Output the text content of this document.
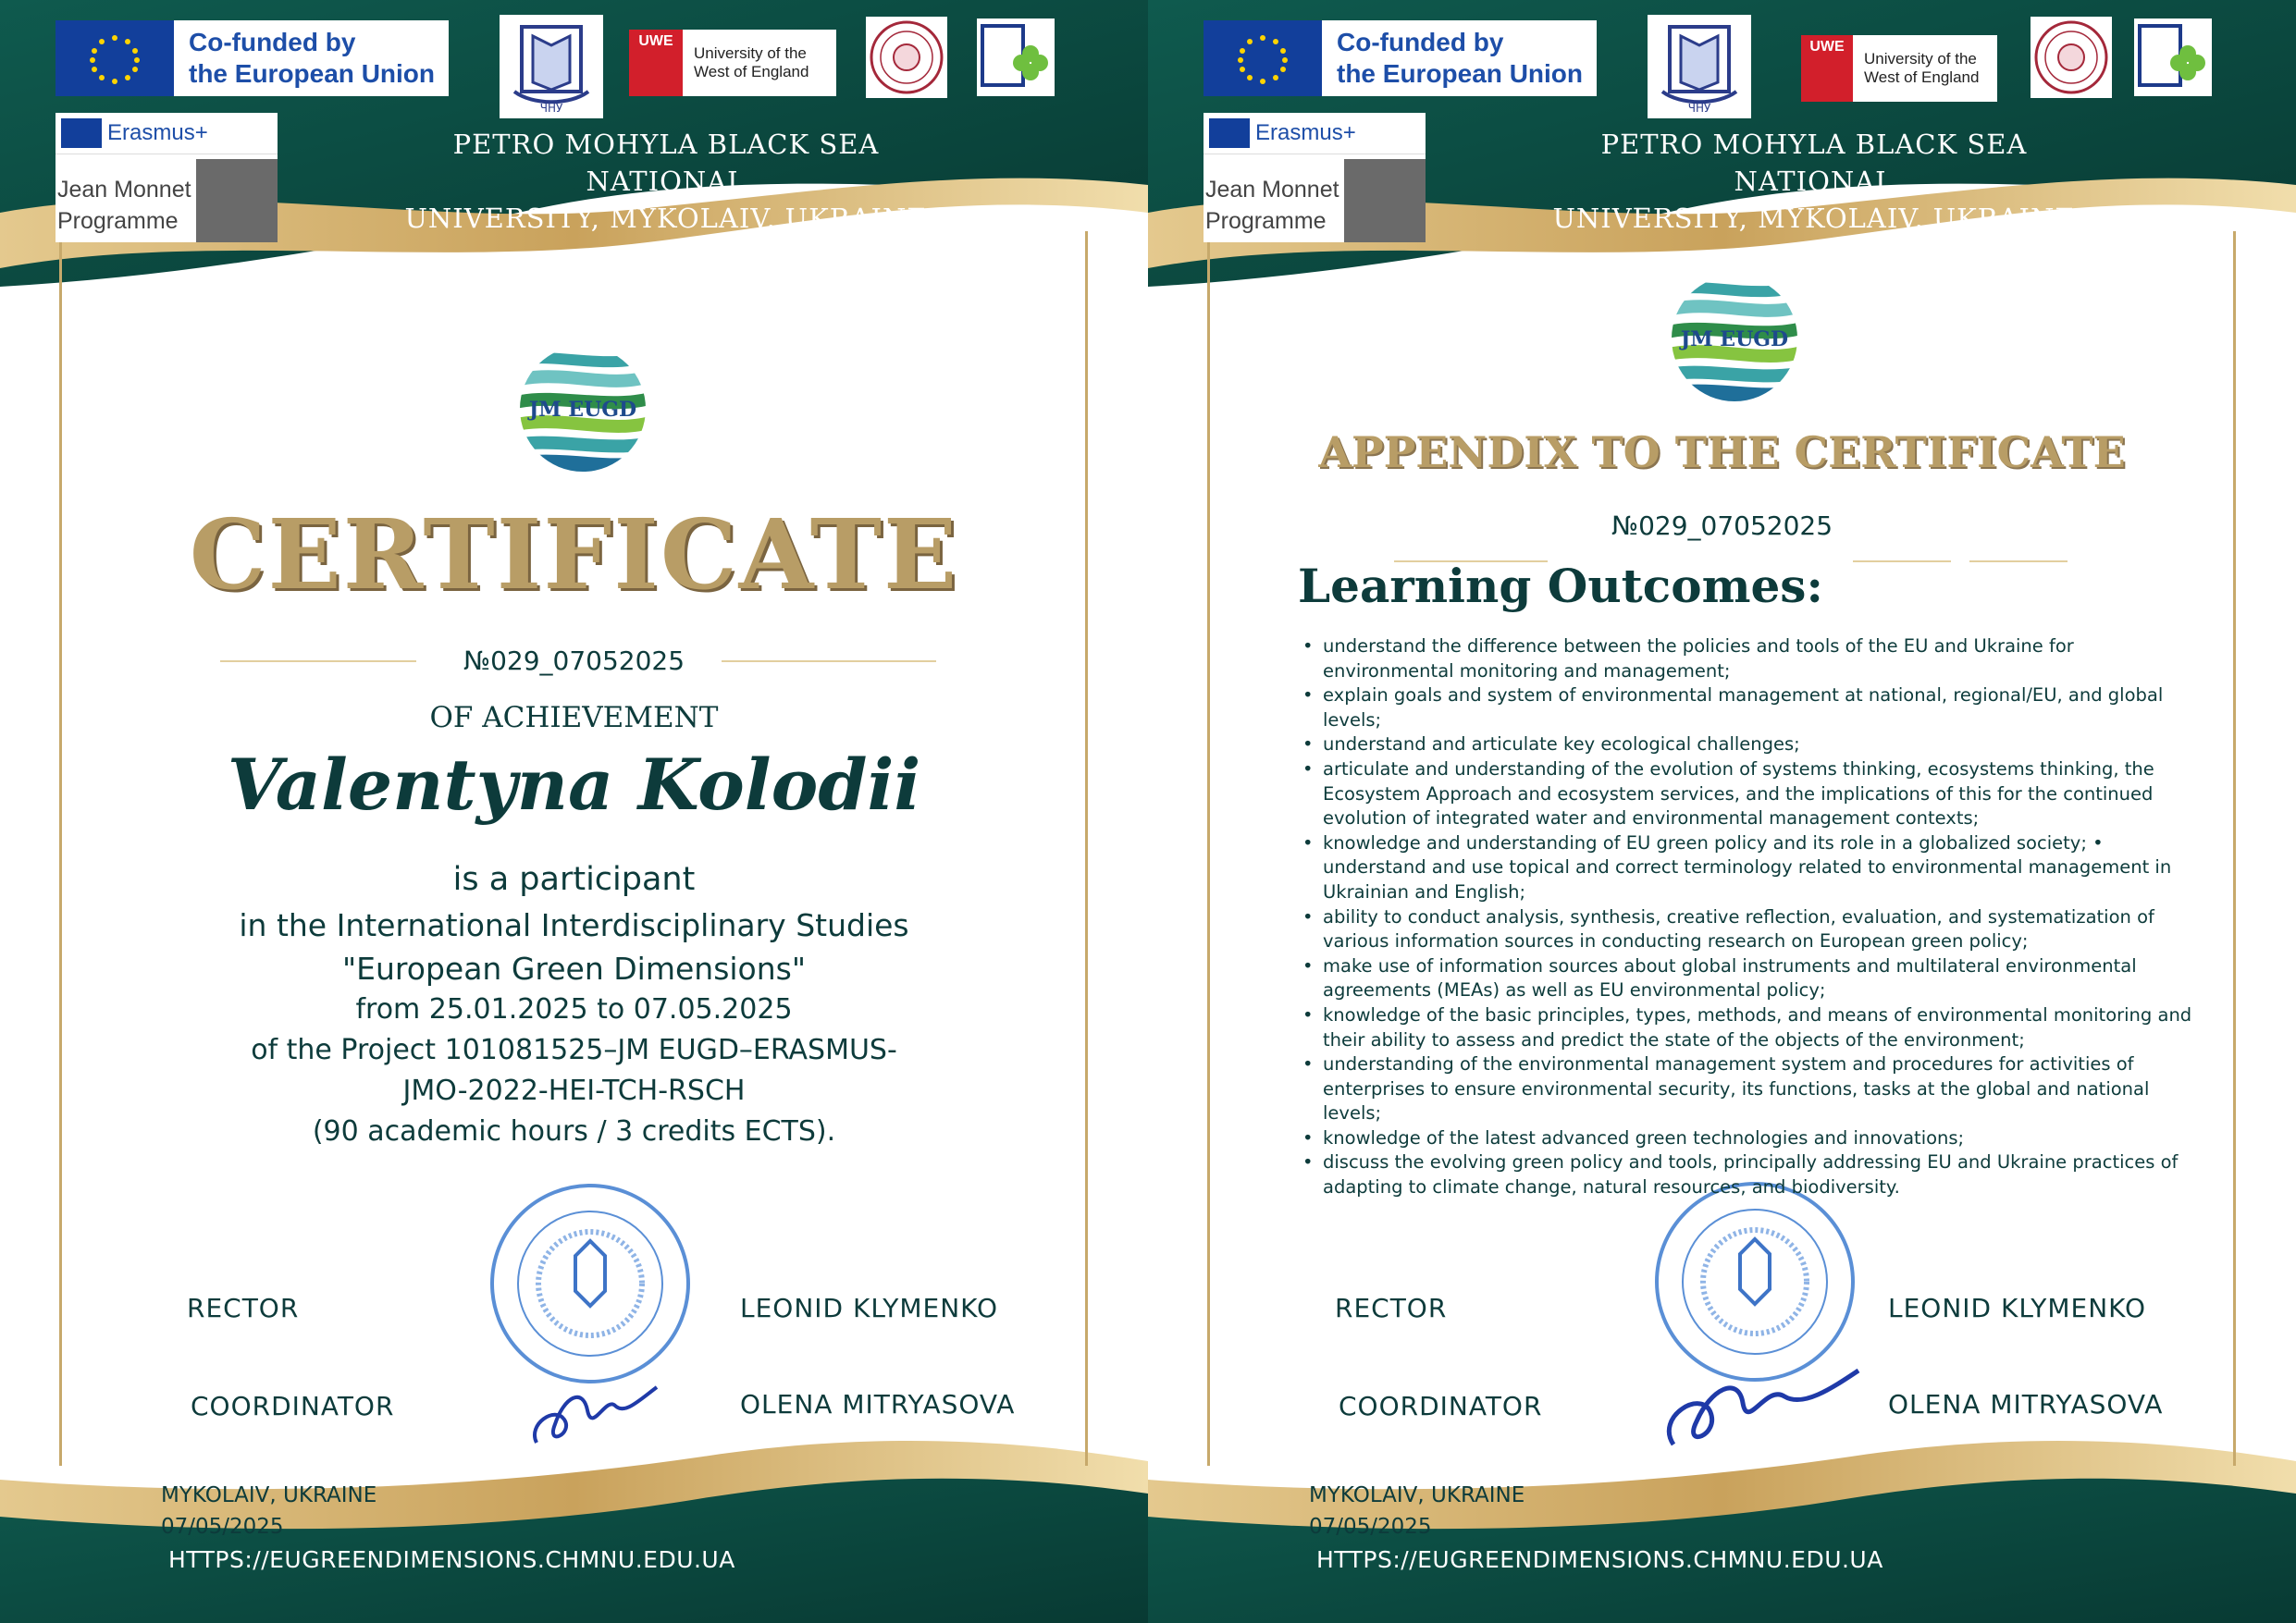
Co-funded by
the European Union
ЧНУ
UWE
University of the
West of England
Erasmus+
Jean Monnet
Programme
PETRO MOHYLA BLACK SEA NATIONAL
UNIVERSITY, MYKOLAIV, UKRAINE
JM EUGD
CERTIFICATE
№029_07052025
OF ACHIEVEMENT
Valentyna Kolodii
is a participant
in the International Interdisciplinary Studies
"European Green Dimensions"
from 25.01.2025 to 07.05.2025
of the Project 101081525–JM EUGD–ERASMUS-
JMO-2022-HEI-TCH-RSCH
(90 academic hours / 3 credits ECTS).
RECTOR	LEONID KLYMENKO
COORDINATOR	OLENA MITRYASOVA
MYKOLAIV, UKRAINE
07/05/2025
HTTPS://EUGREENDIMENSIONS.CHMNU.EDU.UA
Co-funded by
the European Union
ЧНУ
UWE
University of the
West of England
Erasmus+
Jean Monnet
Programme
PETRO MOHYLA BLACK SEA NATIONAL
UNIVERSITY, MYKOLAIV, UKRAINE
JM EUGD
APPENDIX TO THE CERTIFICATE
№029_07052025
Learning Outcomes:
RECTOR	LEONID KLYMENKO
COORDINATOR	OLENA MITRYASOVA
MYKOLAIV, UKRAINE
07/05/2025
HTTPS://EUGREENDIMENSIONS.CHMNU.EDU.UA
• understand the difference between the policies and tools of the EU and Ukraine for environmental monitoring and management;
• explain goals and system of environmental management at national, regional/EU, and global levels;
• understand and articulate key ecological challenges;
• articulate and understanding of the evolution of systems thinking, ecosystems thinking, the Ecosystem Approach and ecosystem services, and the implications of this for the continued evolution of integrated water and environmental management contexts;
• knowledge and understanding of EU green policy and its role in a globalized society; • understand and use topical and correct terminology related to environmental management in Ukrainian and English;
• ability to conduct analysis, synthesis, creative reflection, evaluation, and systematization of various information sources in conducting research on European green policy;
• make use of information sources about global instruments and multilateral environmental agreements (MEAs) as well as EU environmental policy;
• knowledge of the basic principles, types, methods, and means of environmental monitoring and their ability to assess and predict the state of the objects of the environment;
• understanding of the environmental management system and procedures for activities of enterprises to ensure environmental security, its functions, tasks at the global and national levels;
• knowledge of the latest advanced green technologies and innovations;
• discuss the evolving green policy and tools, principally addressing EU and Ukraine practices of adapting to climate change, natural resources, and biodiversity.
